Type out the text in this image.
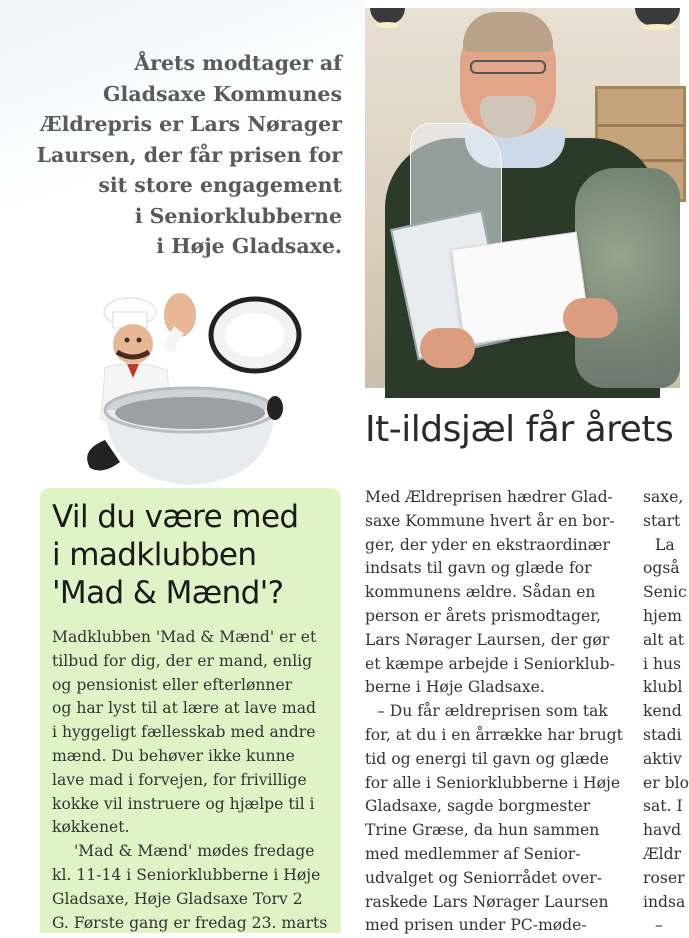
Årets modtager af
Gladsaxe Kommunes
Ældrepris er Lars Nørager
Laursen, der får prisen for
sit store engagement
i Seniorklubberne
i Høje Gladsaxe.
It-ildsjæl får årets
Vil du være med
i madklubben
'Mad & Mænd'?

Madklubben 'Mad & Mænd' er et
tilbud for dig, der er mand, enlig
og pensionist eller efterlønner
og har lyst til at lære at lave mad
i hyggeligt fællesskab med andre
mænd. Du behøver ikke kunne
lave mad i forvejen, for frivillige
kokke vil instruere og hjælpe til i
køkkenet.

'Mad & Mænd' mødes fredage
kl. 11-14 i Seniorklubberne i Høje
Gladsaxe, Høje Gladsaxe Torv 2
G. Første gang er fredag 23. marts

Med Ældreprisen hædrer Glad-
saxe Kommune hvert år en bor-
ger, der yder en ekstraordinær
indsats til gavn og glæde for
kommunens ældre. Sådan en
person er årets prismodtager,
Lars Nørager Laursen, der gør
et kæmpe arbejde i Seniorklub-
berne i Høje Gladsaxe.

– Du får ældreprisen som tak
for, at du i en årrække har brugt
tid og energi til gavn og glæde
for alle i Seniorklubberne i Høje
Gladsaxe, sagde borgmester
Trine Græse, da hun sammen
med medlemmer af Senior-
udvalget og Seniorrådet over-
raskede Lars Nørager Laursen
med prisen under PC-møde-

saxe,
start
La
også
Senic
hjem
alt at
i hus
klubl
kend
stadi
aktiv
er blo
sat. I
havd
Ældr
roser
indsa
–
